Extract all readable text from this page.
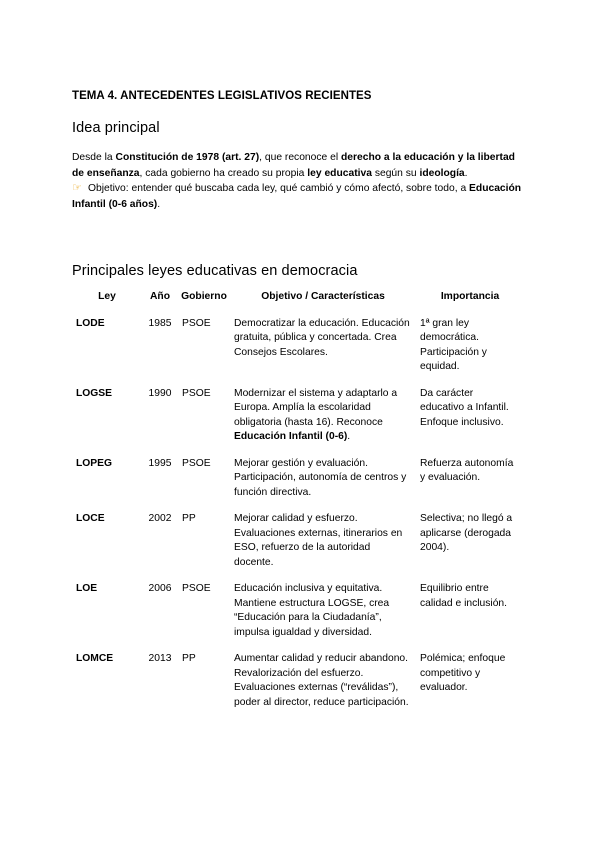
TEMA 4. ANTECEDENTES LEGISLATIVOS RECIENTES
Idea principal
Desde la Constitución de 1978 (art. 27), que reconoce el derecho a la educación y la libertad de enseñanza, cada gobierno ha creado su propia ley educativa según su ideología.
☞ Objetivo: entender qué buscaba cada ley, qué cambió y cómo afectó, sobre todo, a Educación Infantil (0-6 años).
Principales leyes educativas en democracia
Ley	Año	Gobierno	Objetivo / Características	Importancia
LODE	1985	PSOE	Democratizar la educación. Educación gratuita, pública y concertada. Crea Consejos Escolares.	1ª gran ley democrática. Participación y equidad.
LOGSE	1990	PSOE	Modernizar el sistema y adaptarlo a Europa. Amplía la escolaridad obligatoria (hasta 16). Reconoce Educación Infantil (0-6).	Da carácter educativo a Infantil. Enfoque inclusivo.
LOPEG	1995	PSOE	Mejorar gestión y evaluación. Participación, autonomía de centros y función directiva.	Refuerza autonomía y evaluación.
LOCE	2002	PP	Mejorar calidad y esfuerzo. Evaluaciones externas, itinerarios en ESO, refuerzo de la autoridad docente.	Selectiva; no llegó a aplicarse (derogada 2004).
LOE	2006	PSOE	Educación inclusiva y equitativa. Mantiene estructura LOGSE, crea “Educación para la Ciudadanía”, impulsa igualdad y diversidad.	Equilibrio entre calidad e inclusión.
LOMCE	2013	PP	Aumentar calidad y reducir abandono. Revalorización del esfuerzo. Evaluaciones externas (“reválidas”), poder al director, reduce participación.	Polémica; enfoque competitivo y evaluador.
